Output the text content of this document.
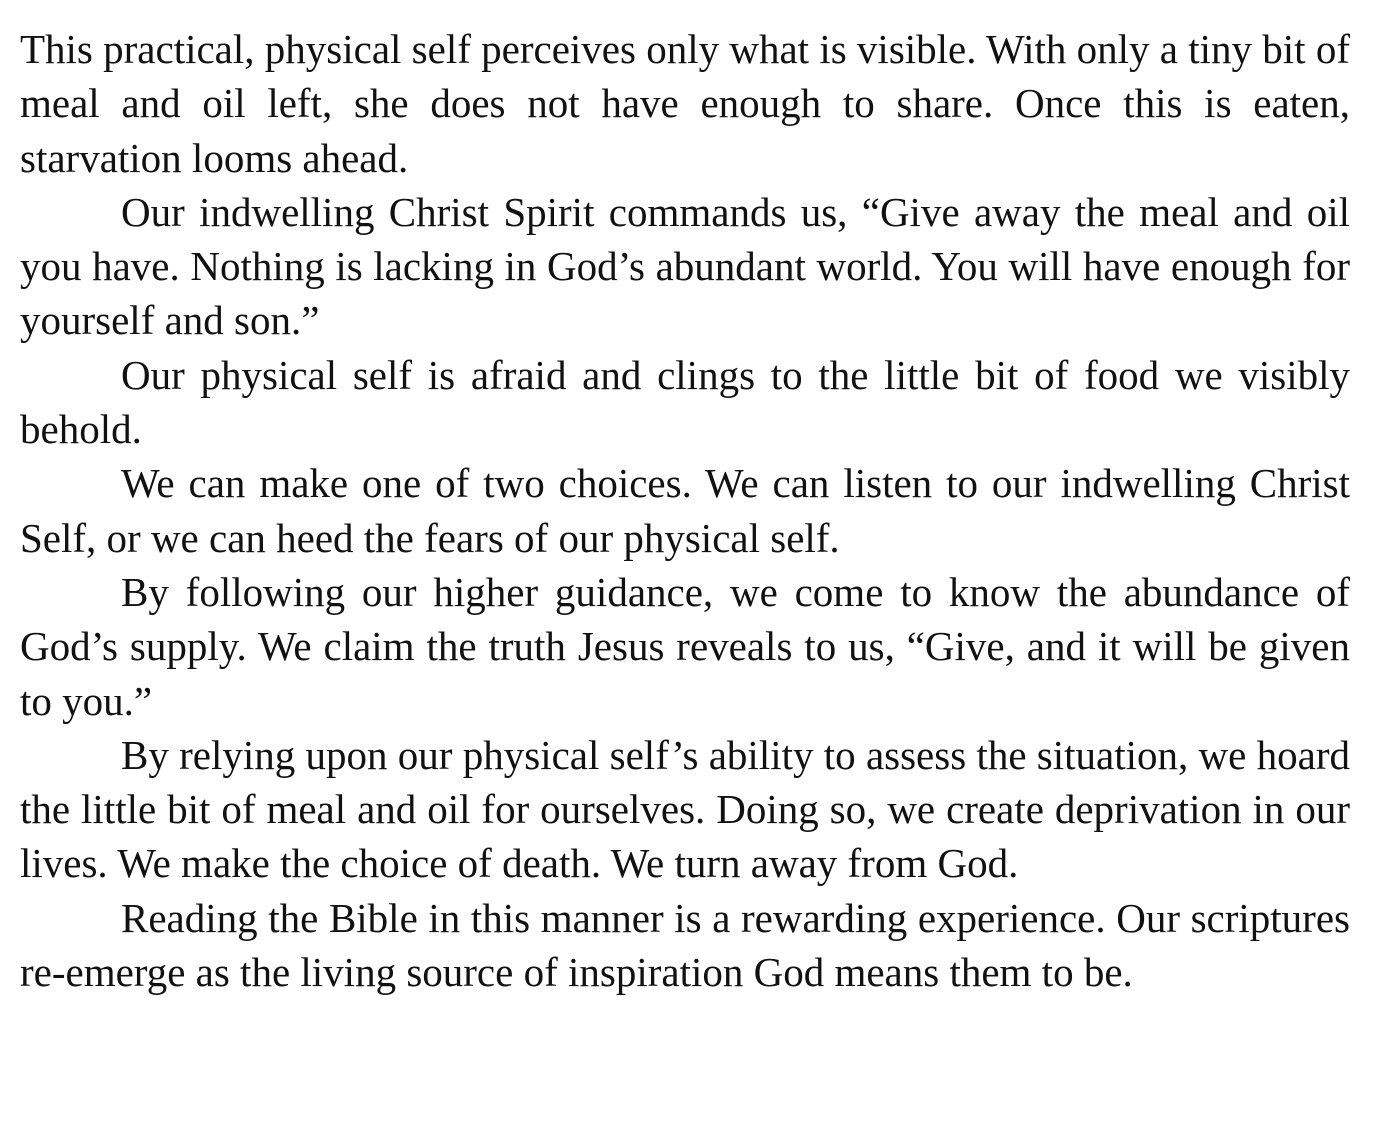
This practical, physical self perceives only what is visible. With only a tiny bit of meal and oil left, she does not have enough to share. Once this is eaten, starvation looms ahead.

Our indwelling Christ Spirit commands us, “Give away the meal and oil you have. Nothing is lacking in God’s abundant world. You will have enough for yourself and son.”

Our physical self is afraid and clings to the little bit of food we visibly behold.

We can make one of two choices. We can listen to our indwelling Christ Self, or we can heed the fears of our physical self.

By following our higher guidance, we come to know the abundance of God’s supply. We claim the truth Jesus reveals to us, “Give, and it will be given to you.”

By relying upon our physical self’s ability to assess the situation, we hoard the little bit of meal and oil for ourselves. Doing so, we create deprivation in our lives. We make the choice of death. We turn away from God.

Reading the Bible in this manner is a rewarding experience. Our scriptures re-emerge as the living source of inspiration God means them to be.
